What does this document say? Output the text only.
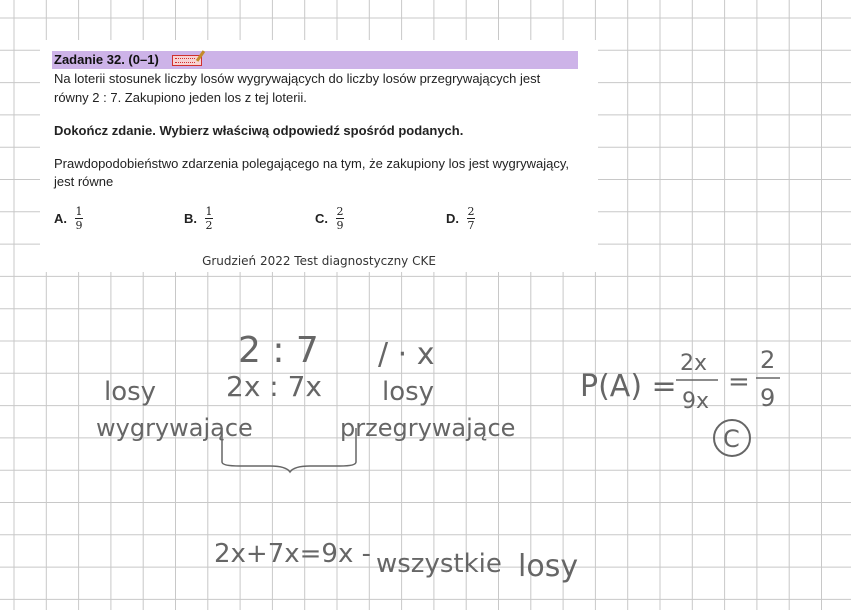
Zadanie 32. (0–1)
Na loterii stosunek liczby losów wygrywających do liczby losów przegrywających jest
równy 2 : 7. Zakupiono jeden los z tej loterii.
Dokończ zdanie. Wybierz właściwą odpowiedź spośród podanych.
Prawdopodobieństwo zdarzenia polegającego na tym, że zakupiony los jest wygrywający,
jest równe
A. $\frac{1}{9}$	B. $\frac{1}{2}$	C. $\frac{2}{9}$	D. $\frac{2}{7}$
Grudzień 2022 Test diagnostyczny CKE
2 : 7 / · x
2x : 7x
losy
wygrywające
losy
przegrywające
2x+7x=9x - wszystkie losy
P(A) =
2x
9x
=
2
9
C
